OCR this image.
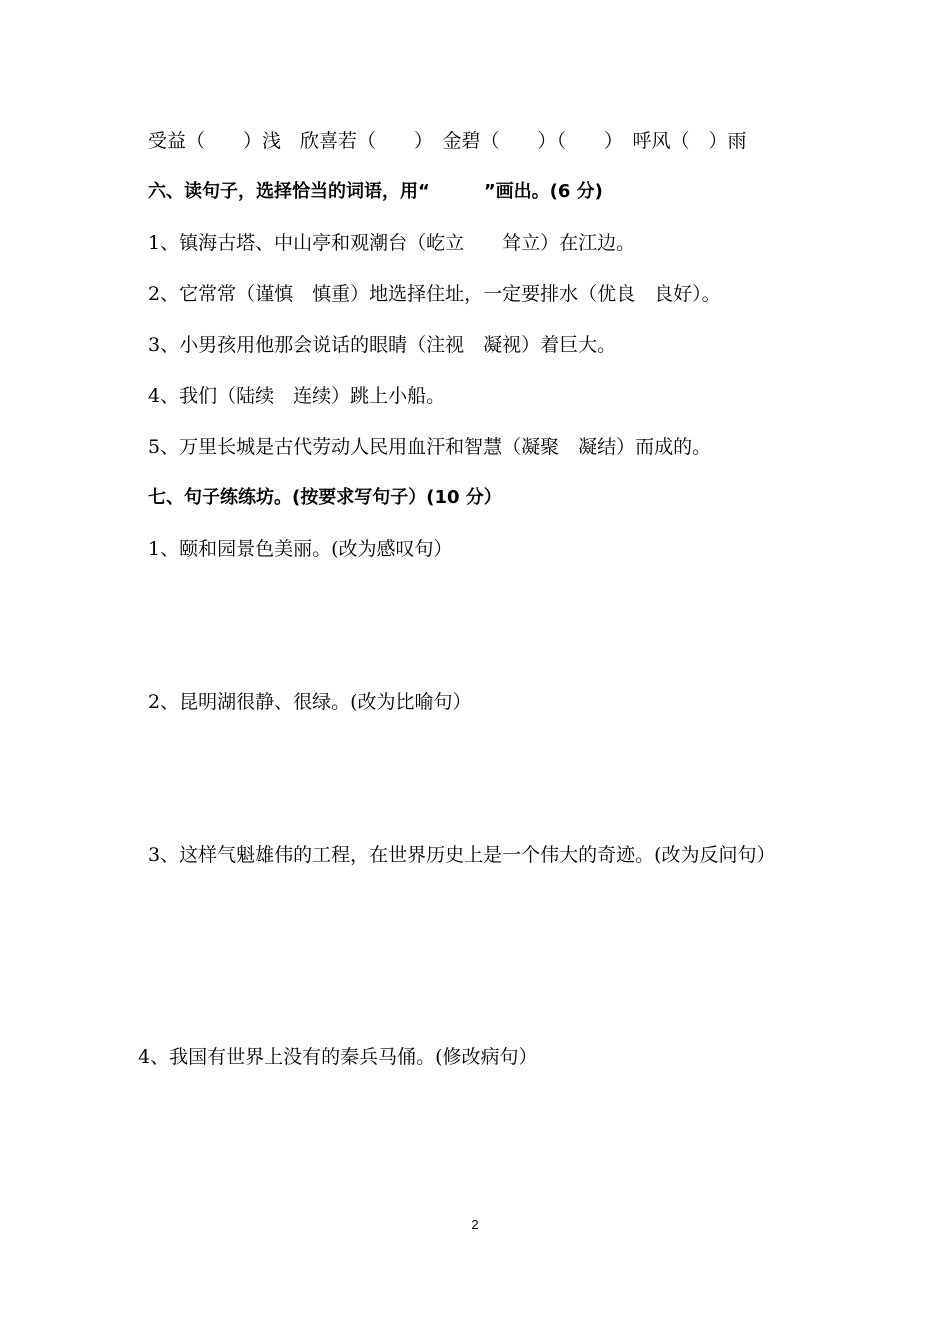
受益（　　）浅　欣喜若（　　）　金碧（　　）（　　）　呼风（　）雨
六、读句子，选择恰当的词语，用“　　　”画出。(6 分)
1、镇海古塔、中山亭和观潮台（屹立　　耸立）在江边。
2、它常常（谨慎　慎重）地选择住址，一定要排水（优良　良好）。
3、小男孩用他那会说话的眼睛（注视　凝视）着巨大。
4、我们（陆续　连续）跳上小船。
5、万里长城是古代劳动人民用血汗和智慧（凝聚　凝结）而成的。
七、句子练练坊。(按要求写句子）(10 分）
1、颐和园景色美丽。(改为感叹句）
2、昆明湖很静、很绿。(改为比喻句）
3、这样气魁雄伟的工程，在世界历史上是一个伟大的奇迹。(改为反问句）
4、我国有世界上没有的秦兵马俑。(修改病句）
2
